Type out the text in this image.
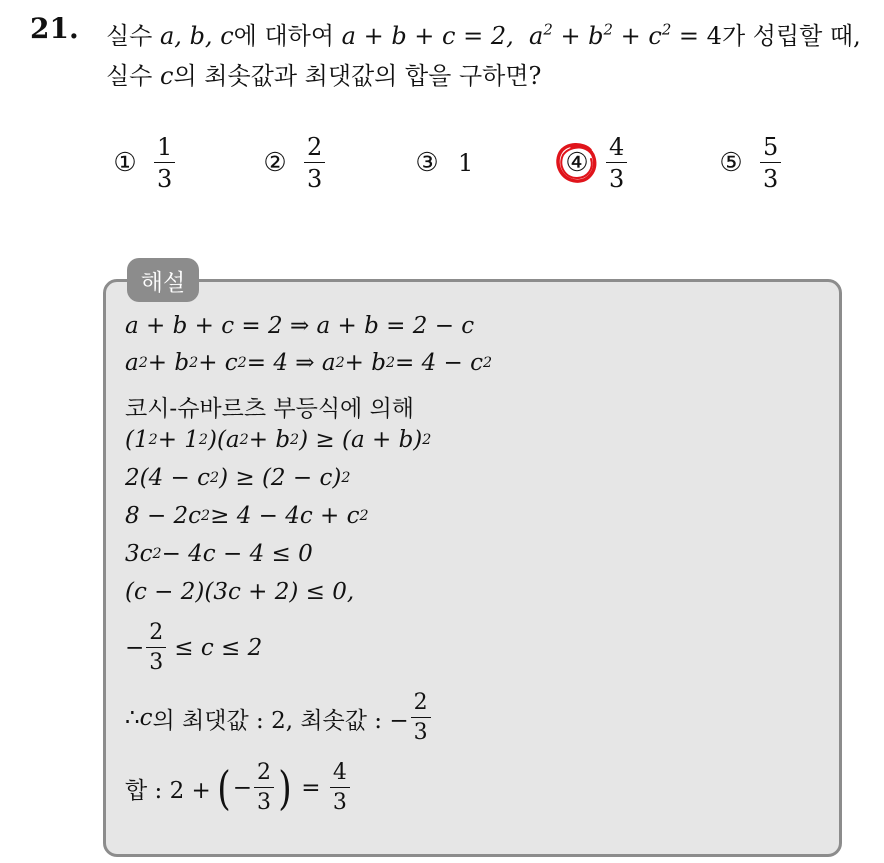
21. 실수 a, b, c에 대하여 a + b + c = 2, $a^2 + b^2 + c^2 = 4$가 성립할 때,
실수 c의 최솟값과 최댓값의 합을 구하면?
① $\frac{1}{3}$	② $\frac{2}{3}$	③ 1	④ $\frac{4}{3}$	⑤ $\frac{5}{3}$
해설
a + b + c = 2 ⇒ a + b = 2 − c
a 2 + b 2 + c 2 = 4 ⇒ a 2 + b 2 = 4 − c 2
코시-슈바르츠 부등식에 의해
(1 2 + 1 2 )(a 2 + b 2 ) ≥ (a + b) 2
2(4 − c 2 ) ≥ (2 − c) 2
8 − 2c 2 ≥ 4 − 4c + c 2
3c 2 − 4c − 4 ≤ 0
(c − 2)(3c + 2) ≤ 0,
− $\frac{2}{3} \le c \le 2$
∴ c 의 최댓값 : 2, 최솟값 : − $\frac{2}{3}$
합 : 2 + ( − $\frac{2}{3}$ ) = $\frac{4}{3}$
